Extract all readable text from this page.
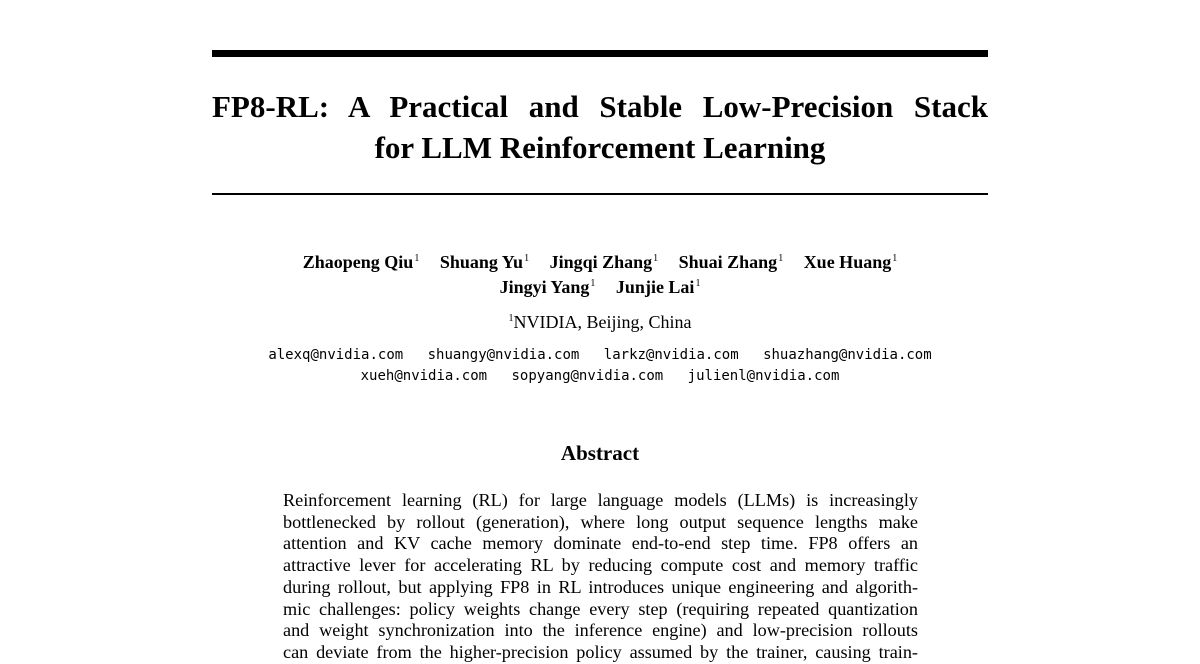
FP8-RL: A Practical and Stable Low-Precision Stack
for LLM Reinforcement Learning
Zhaopeng Qiu$^1$ Shuang Yu$^1$ Jingqi Zhang$^1$ Shuai Zhang$^1$ Xue Huang$^1$
Jingyi Yang$^1$ Junjie Lai$^1$
$^1$NVIDIA, Beijing, China
alexq@nvidia.com shuangy@nvidia.com larkz@nvidia.com shuazhang@nvidia.com
xueh@nvidia.com sopyang@nvidia.com julienl@nvidia.com
Abstract
Reinforcement learning (RL) for large language models (LLMs) is increasingly
bottlenecked by rollout (generation), where long output sequence lengths make
attention and KV cache memory dominate end-to-end step time. FP8 offers an
attractive lever for accelerating RL by reducing compute cost and memory traffic
during rollout, but applying FP8 in RL introduces unique engineering and algorith-
mic challenges: policy weights change every step (requiring repeated quantization
and weight synchronization into the inference engine) and low-precision rollouts
can deviate from the higher-precision policy assumed by the trainer, causing train-
